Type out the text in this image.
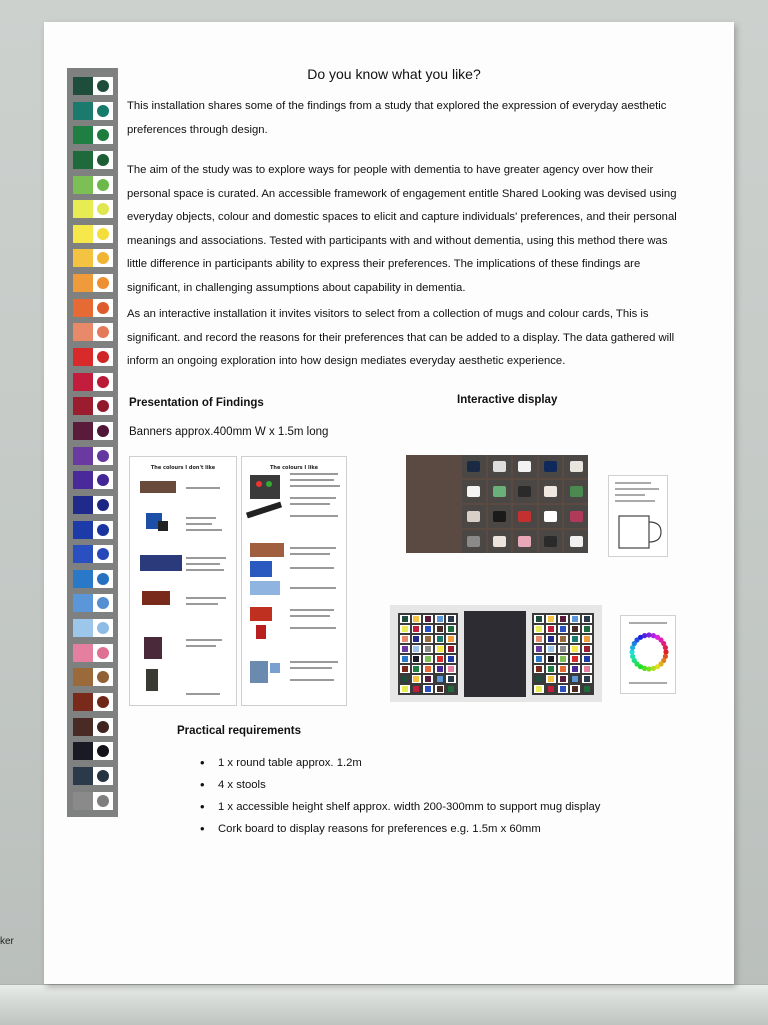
ker
Do you know what you like?

This installation shares some of the findings from a study that explored the expression of everyday aesthetic preferences through design.

The aim of the study was to explore ways for people with dementia to have greater agency over how their personal space is curated. An accessible framework of engagement entitle Shared Looking was devised using everyday objects, colour and domestic spaces to elicit and capture individuals' preferences, and their personal meanings and associations. Tested with participants with and without dementia, using this method there was little difference in participants ability to express their preferences. The implications of these findings are significant, in challenging assumptions about capability in dementia.

As an interactive installation it invites visitors to select from a collection of mugs and colour cards, This is significant. and record the reasons for their preferences that can be added to a display. The data gathered will inform an ongoing exploration into how design mediates everyday aesthetic experience.

Presentation of Findings	Interactive display
Banners approx.400mm W x 1.5m long
The colours I don't like	The colours I like
Practical requirements
• 1 x round table approx. 1.2m
• 4 x stools
• 1 x accessible height shelf approx. width 200-300mm to support mug display
• Cork board to display reasons for preferences e.g. 1.5m x 60mm
